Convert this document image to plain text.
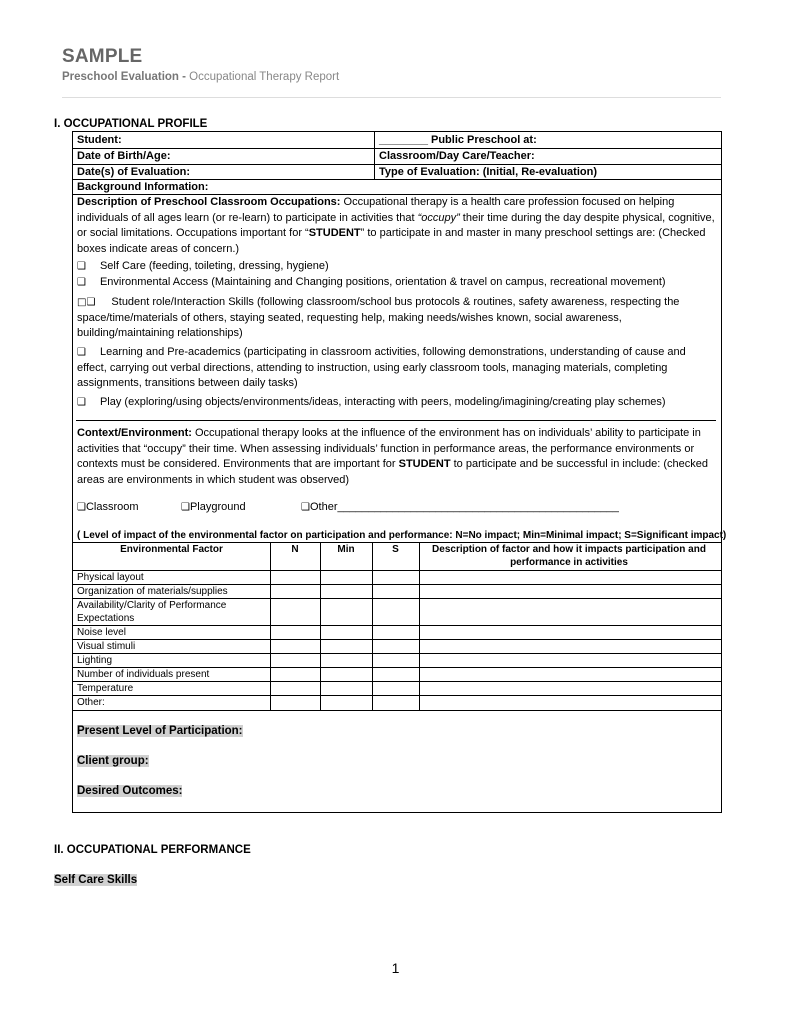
SAMPLE
Preschool Evaluation - Occupational Therapy Report
I. OCCUPATIONAL PROFILE
Student:	________ Public Preschool at:
Date of Birth/Age:	Classroom/Day Care/Teacher:
Date(s) of Evaluation:	Type of Evaluation: (Initial, Re-evaluation)
Background Information:
Description of Preschool Classroom Occupations: Occupational therapy is a health care profession focused on helping individuals of all ages learn (or re-learn) to participate in activities that “occupy” their time during the day despite physical, cognitive, or social limitations. Occupations important for “STUDENT” to participate in and master in many preschool settings are: (Checked boxes indicate areas of concern.)
❑ Self Care (feeding, toileting, dressing, hygiene)
❑ Environmental Access (Maintaining and Changing positions, orientation & travel on campus, recreational movement)
□❑ Student role/Interaction Skills (following classroom/school bus protocols & routines, safety awareness, respecting the space/time/materials of others, staying seated, requesting help, making needs/wishes known, social awareness, building/maintaining relationships)
❑ Learning and Pre-academics (participating in classroom activities, following demonstrations, understanding of cause and effect, carrying out verbal directions, attending to instruction, using early classroom tools, managing materials, completing assignments, transitions between daily tasks)
❑ Play (exploring/using objects/environments/ideas, interacting with peers, modeling/imagining/creating play schemes)
Context/Environment: Occupational therapy looks at the influence of the environment has on individuals’ ability to participate in activities that “occupy” their time. When assessing individuals’ function in performance areas, the performance environments or contexts must be considered. Environments that are important for STUDENT to participate and be successful in include: (checked areas are environments in which student was observed)
❑Classroom	❑Playground	❑Other______________________________________________
( Level of impact of the environmental factor on participation and performance: N=No impact; Min=Minimal impact; S=Significant impact)
Environmental Factor	N	Min	S	Description of factor and how it impacts participation and performance in activities
Physical layout
Organization of materials/supplies
Availability/Clarity of Performance
Expectations
Noise level
Visual stimuli
Lighting
Number of individuals present
Temperature
Other:
Present Level of Participation:
Client group:
Desired Outcomes:
II. OCCUPATIONAL PERFORMANCE
Self Care Skills
1
